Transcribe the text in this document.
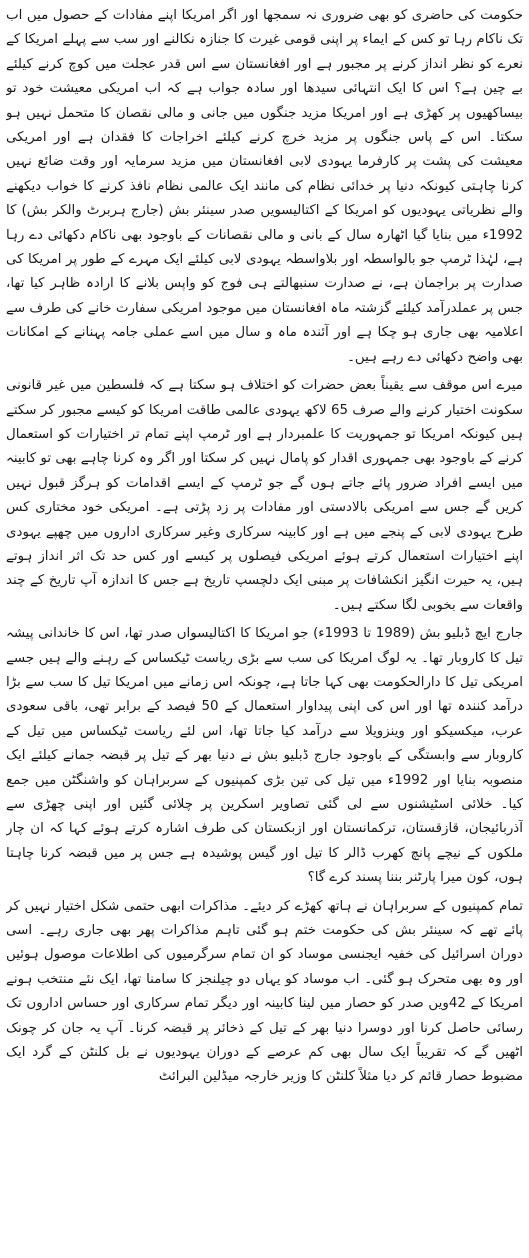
حکومت کی حاضری کو بھی ضروری نہ سمجھا اور اگر امریکا اپنے مفادات کے حصول میں اب تک ناکام رہا تو کس کے ایماء پر اپنی قومی غیرت کا جنازہ نکالنے اور سب سے پہلے امریکا کے نعرے کو نظر انداز کرنے پر مجبور ہے اور افغانستان سے اس قدر عجلت میں کوچ کرنے کیلئے بے چین ہے؟ اس کا ایک انتہائی سیدھا اور سادہ جواب ہے کہ اب امریکی معیشت خود تو بیساکھیوں پر کھڑی ہے اور امریکا مزید جنگوں میں جانی و مالی نقصان کا متحمل نہیں ہو سکتا۔ اس کے پاس جنگوں پر مزید خرچ کرنے کیلئے اخراجات کا فقدان ہے اور امریکی معیشت کی پشت پر کارفرما یہودی لابی افغانستان میں مزید سرمایہ اور وقت ضائع نہیں کرنا چاہتی کیونکہ دنیا پر خدائی نظام کی مانند ایک عالمی نظام نافذ کرنے کا خواب دیکھنے والے نظریاتی یہودیوں کو امریکا کے اکتالیسویں صدر سینئر بش (جارج ہربرٹ والکر بش) کا 1992ء میں بنایا گیا اٹھارہ سال کے بانی و مالی نقصانات کے باوجود بھی ناکام دکھائی دے رہا ہے، لہٰذا ٹرمپ جو بالواسطہ اور بلاواسطہ یہودی لابی کیلئے ایک مہرے کے طور پر امریکا کی صدارت پر براجمان ہے، نے صدارت سنبھالتے ہی فوج کو واپس بلانے کا ارادہ ظاہر کیا تھا، جس پر عملدرآمد کیلئے گزشتہ ماہ افغانستان میں موجود امریکی سفارت خانے کی طرف سے اعلامیہ بھی جاری ہو چکا ہے اور آئندہ ماہ و سال میں اسے عملی جامہ پہنانے کے امکانات بھی واضح دکھائی دے رہے ہیں۔

میرے اس موقف سے یقیناً بعض حضرات کو اختلاف ہو سکتا ہے کہ فلسطین میں غیر قانونی سکونت اختیار کرنے والے صرف 65 لاکھ یہودی عالمی طاقت امریکا کو کیسے مجبور کر سکتے ہیں کیونکہ امریکا تو جمہوریت کا علمبردار ہے اور ٹرمپ اپنے تمام تر اختیارات کو استعمال کرنے کے باوجود بھی جمہوری اقدار کو پامال نہیں کر سکتا اور اگر وہ کرنا چاہے بھی تو کابینہ میں ایسے افراد ضرور پائے جاتے ہوں گے جو ٹرمپ کے ایسے اقدامات کو ہرگز قبول نہیں کریں گے جس سے امریکی بالادستی اور مفادات پر زد پڑتی ہے۔ امریکی خود مختاری کس طرح یہودی لابی کے پنجے میں ہے اور کابینہ سرکاری وغیر سرکاری اداروں میں چھپے یہودی اپنے اختیارات استعمال کرتے ہوئے امریکی فیصلوں پر کیسے اور کس حد تک اثر انداز ہوتے ہیں، یہ حیرت انگیز انکشافات پر مبنی ایک دلچسپ تاریخ ہے جس کا اندازہ آپ تاریخ کے چند واقعات سے بخوبی لگا سکتے ہیں۔

جارج ایچ ڈبلیو بش (1989 تا 1993ء) جو امریکا کا اکتالیسواں صدر تھا، اس کا خاندانی پیشہ تیل کا کاروبار تھا۔ یہ لوگ امریکا کی سب سے بڑی ریاست ٹیکساس کے رہنے والے ہیں جسے امریکی تیل کا دارالحکومت بھی کہا جاتا ہے، چونکہ اس زمانے میں امریکا تیل کا سب سے بڑا درآمد کنندہ تھا اور اس کی اپنی پیداوار استعمال کے 50 فیصد کے برابر تھی، باقی سعودی عرب، میکسیکو اور وینزویلا سے درآمد کیا جاتا تھا، اس لئے ریاست ٹیکساس میں تیل کے کاروبار سے وابستگی کے باوجود جارج ڈبلیو بش نے دنیا بھر کے تیل پر قبضہ جمانے کیلئے ایک منصوبہ بنایا اور 1992ء میں تیل کی تین بڑی کمپنیوں کے سربراہان کو واشنگٹن میں جمع کیا۔ خلائی اسٹیشنوں سے لی گئی تصاویر اسکرین پر چلائی گئیں اور اپنی چھڑی سے آذربائیجان، قازقستان، ترکمانستان اور ازبکستان کی طرف اشارہ کرتے ہوئے کہا کہ ان چار ملکوں کے نیچے پانچ کھرب ڈالر کا تیل اور گیس پوشیدہ ہے جس پر میں قبضہ کرنا چاہتا ہوں، کون میرا پارٹنر بننا پسند کرے گا؟

تمام کمپنیوں کے سربراہان نے ہاتھ کھڑے کر دیئے۔ مذاکرات ابھی حتمی شکل اختیار نہیں کر پائے تھے کہ سینئر بش کی حکومت ختم ہو گئی تاہم مذاکرات پھر بھی جاری رہے۔ اسی دوران اسرائیل کی خفیہ ایجنسی موساد کو ان تمام سرگرمیوں کی اطلاعات موصول ہوئیں اور وہ بھی متحرک ہو گئی۔ اب موساد کو یہاں دو چیلنجز کا سامنا تھا، ایک نئے منتخب ہونے امریکا کے 42ویں صدر کو حصار میں لینا کابینہ اور دیگر تمام سرکاری اور حساس اداروں تک رسائی حاصل کرنا اور دوسرا دنیا بھر کے تیل کے ذخائر پر قبضہ کرنا۔ آپ یہ جان کر چونک اٹھیں گے کہ تقریباً ایک سال بھی کم عرصے کے دوران یہودیوں نے بل کلنٹن کے گرد ایک مضبوط حصار قائم کر دیا مثلاً کلنٹن کا وزیر خارجہ میڈلین البرائٹ
